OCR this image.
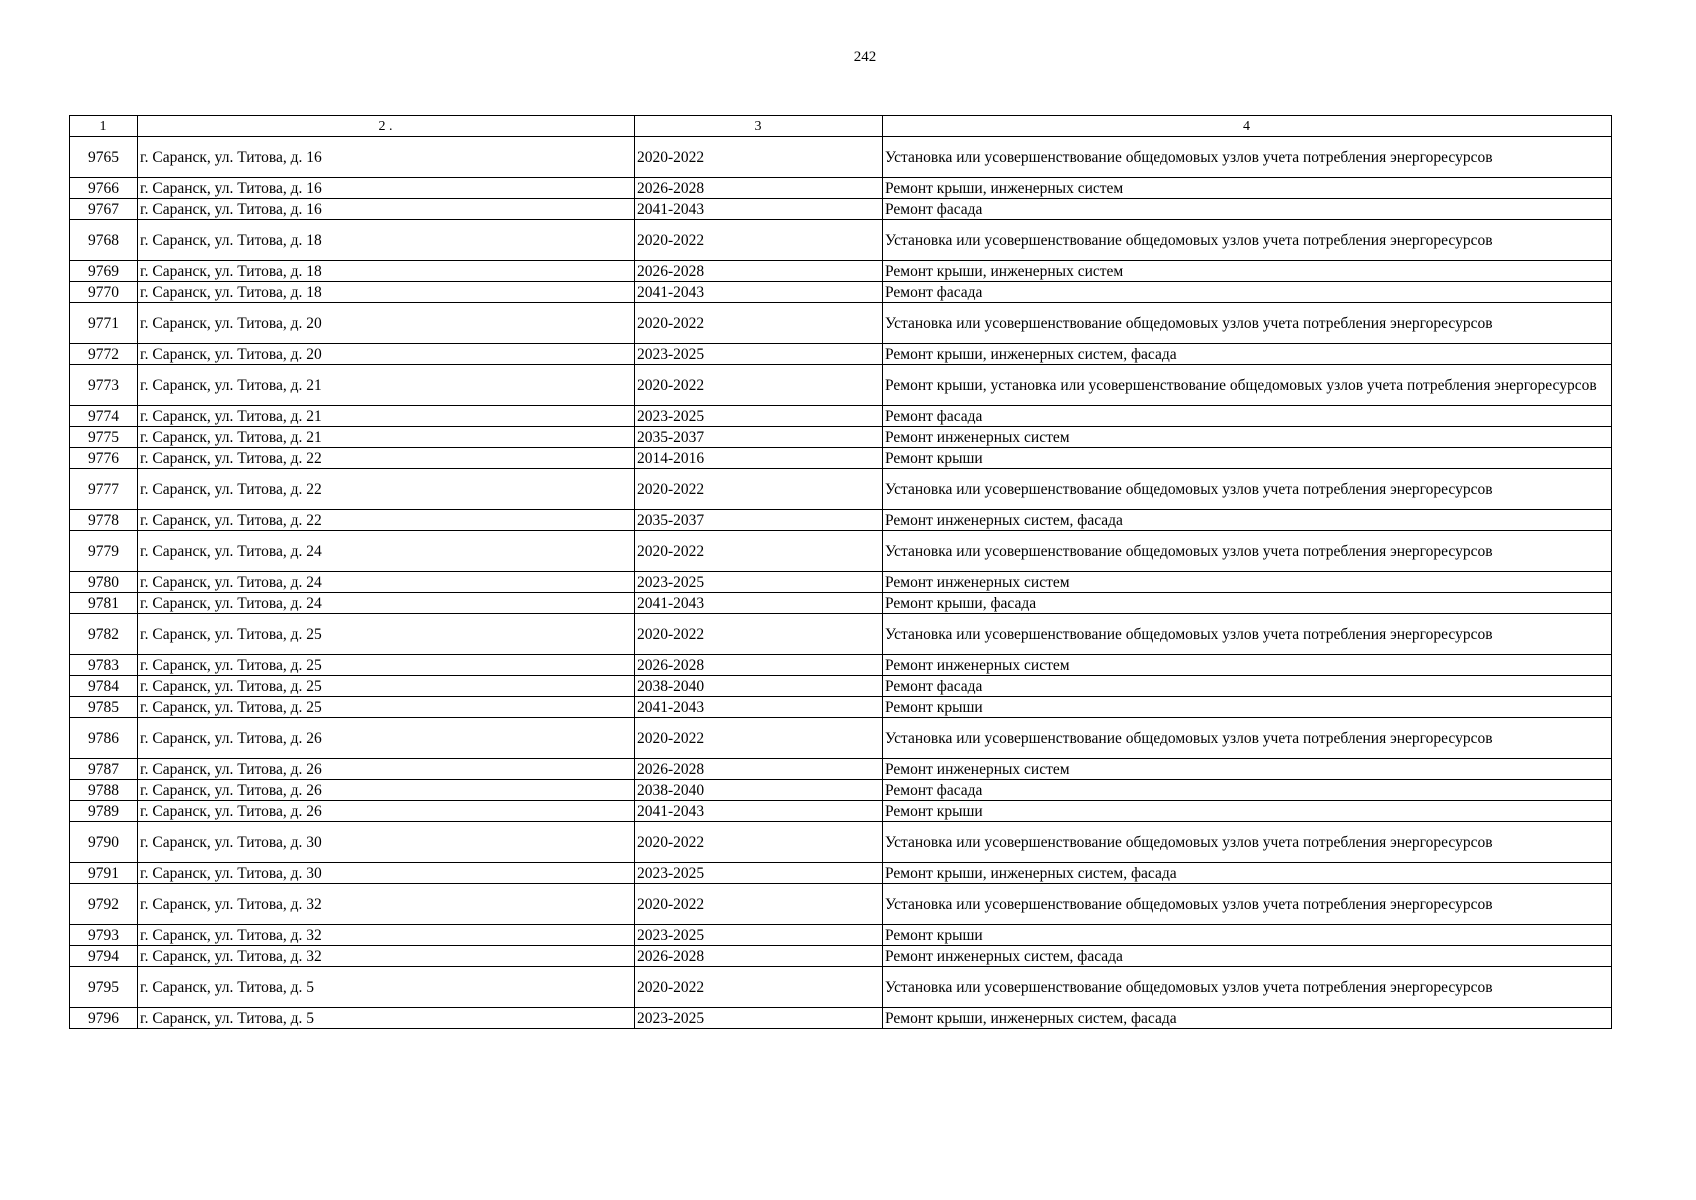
242
1	2 .	3	4
9765	г. Саранск, ул. Титова, д. 16	2020-2022	Установка или усовершенствование общедомовых узлов учета потребления энергоресурсов
9766	г. Саранск, ул. Титова, д. 16	2026-2028	Ремонт крыши, инженерных систем
9767	г. Саранск, ул. Титова, д. 16	2041-2043	Ремонт фасада
9768	г. Саранск, ул. Титова, д. 18	2020-2022	Установка или усовершенствование общедомовых узлов учета потребления энергоресурсов
9769	г. Саранск, ул. Титова, д. 18	2026-2028	Ремонт крыши, инженерных систем
9770	г. Саранск, ул. Титова, д. 18	2041-2043	Ремонт фасада
9771	г. Саранск, ул. Титова, д. 20	2020-2022	Установка или усовершенствование общедомовых узлов учета потребления энергоресурсов
9772	г. Саранск, ул. Титова, д. 20	2023-2025	Ремонт крыши, инженерных систем, фасада
9773	г. Саранск, ул. Титова, д. 21	2020-2022	Ремонт крыши, установка или усовершенствование общедомовых узлов учета потребления энергоресурсов
9774	г. Саранск, ул. Титова, д. 21	2023-2025	Ремонт фасада
9775	г. Саранск, ул. Титова, д. 21	2035-2037	Ремонт инженерных систем
9776	г. Саранск, ул. Титова, д. 22	2014-2016	Ремонт крыши
9777	г. Саранск, ул. Титова, д. 22	2020-2022	Установка или усовершенствование общедомовых узлов учета потребления энергоресурсов
9778	г. Саранск, ул. Титова, д. 22	2035-2037	Ремонт инженерных систем, фасада
9779	г. Саранск, ул. Титова, д. 24	2020-2022	Установка или усовершенствование общедомовых узлов учета потребления энергоресурсов
9780	г. Саранск, ул. Титова, д. 24	2023-2025	Ремонт инженерных систем
9781	г. Саранск, ул. Титова, д. 24	2041-2043	Ремонт крыши, фасада
9782	г. Саранск, ул. Титова, д. 25	2020-2022	Установка или усовершенствование общедомовых узлов учета потребления энергоресурсов
9783	г. Саранск, ул. Титова, д. 25	2026-2028	Ремонт инженерных систем
9784	г. Саранск, ул. Титова, д. 25	2038-2040	Ремонт фасада
9785	г. Саранск, ул. Титова, д. 25	2041-2043	Ремонт крыши
9786	г. Саранск, ул. Титова, д. 26	2020-2022	Установка или усовершенствование общедомовых узлов учета потребления энергоресурсов
9787	г. Саранск, ул. Титова, д. 26	2026-2028	Ремонт инженерных систем
9788	г. Саранск, ул. Титова, д. 26	2038-2040	Ремонт фасада
9789	г. Саранск, ул. Титова, д. 26	2041-2043	Ремонт крыши
9790	г. Саранск, ул. Титова, д. 30	2020-2022	Установка или усовершенствование общедомовых узлов учета потребления энергоресурсов
9791	г. Саранск, ул. Титова, д. 30	2023-2025	Ремонт крыши, инженерных систем, фасада
9792	г. Саранск, ул. Титова, д. 32	2020-2022	Установка или усовершенствование общедомовых узлов учета потребления энергоресурсов
9793	г. Саранск, ул. Титова, д. 32	2023-2025	Ремонт крыши
9794	г. Саранск, ул. Титова, д. 32	2026-2028	Ремонт инженерных систем, фасада
9795	г. Саранск, ул. Титова, д. 5	2020-2022	Установка или усовершенствование общедомовых узлов учета потребления энергоресурсов
9796	г. Саранск, ул. Титова, д. 5	2023-2025	Ремонт крыши, инженерных систем, фасада
